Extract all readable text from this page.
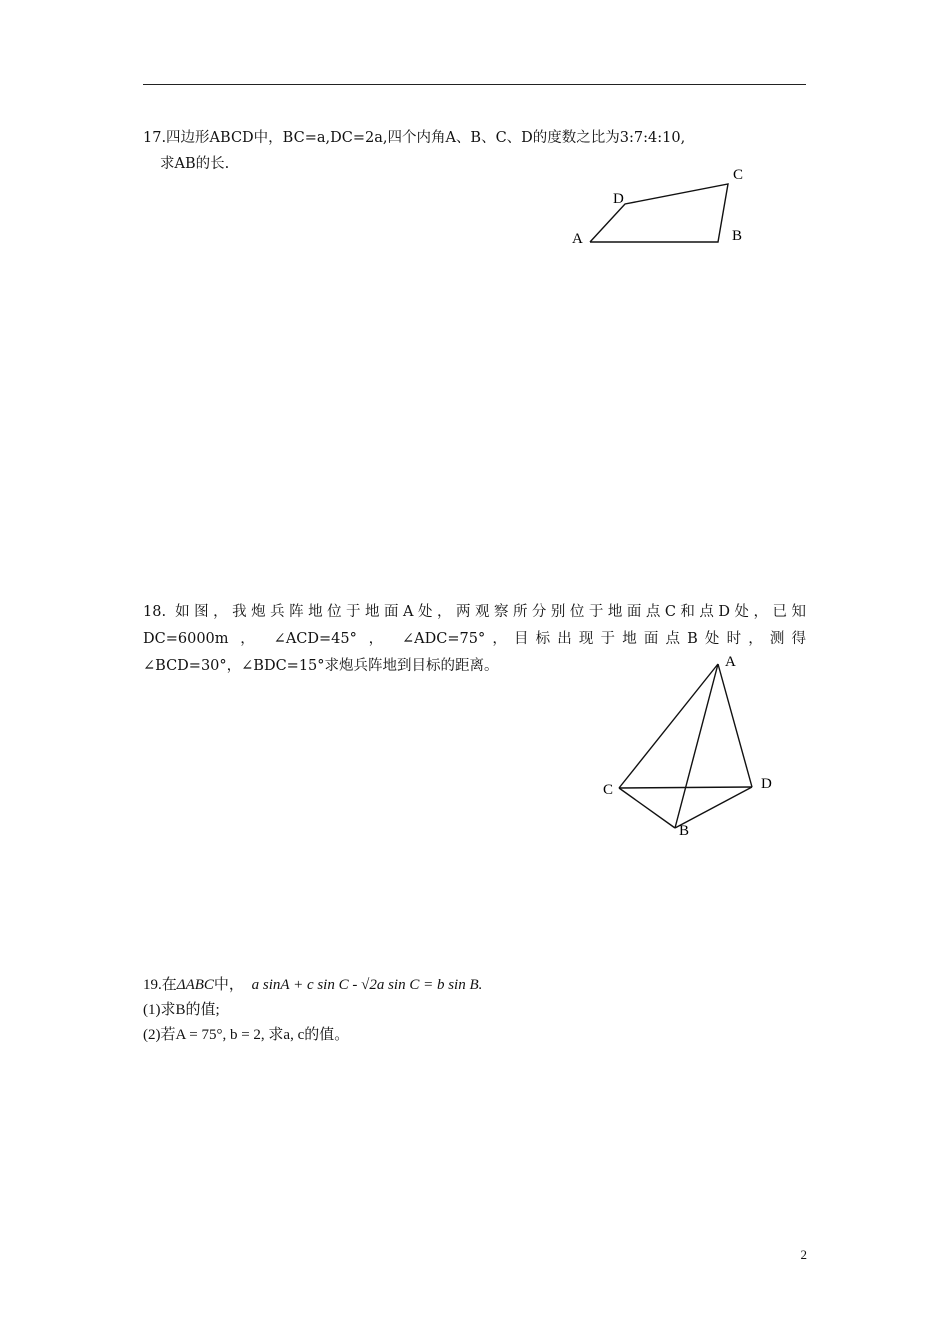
17.四边形ABCD中，BC=a,DC=2a,四个内角A、B、C、D的度数之比为3:7:4:10,
求AB的长.
A	B
C
D

18. 如图，我炮兵阵地位于地面A处，两观察所分别位于地面点C和点D处，已知

DC=6000m ， ∠ACD=45° ， ∠ADC=75°，目标出现于地面点B处时，测得

∠BCD=30°，∠BDC=15°求炮兵阵地到目标的距离。	A
C	D
B
19.在ΔABC中， a sinA + c sin C - √2a sin C = b sin B.
(1)求B的值;
(2)若A = 75°, b = 2, 求a, c的值。
2
